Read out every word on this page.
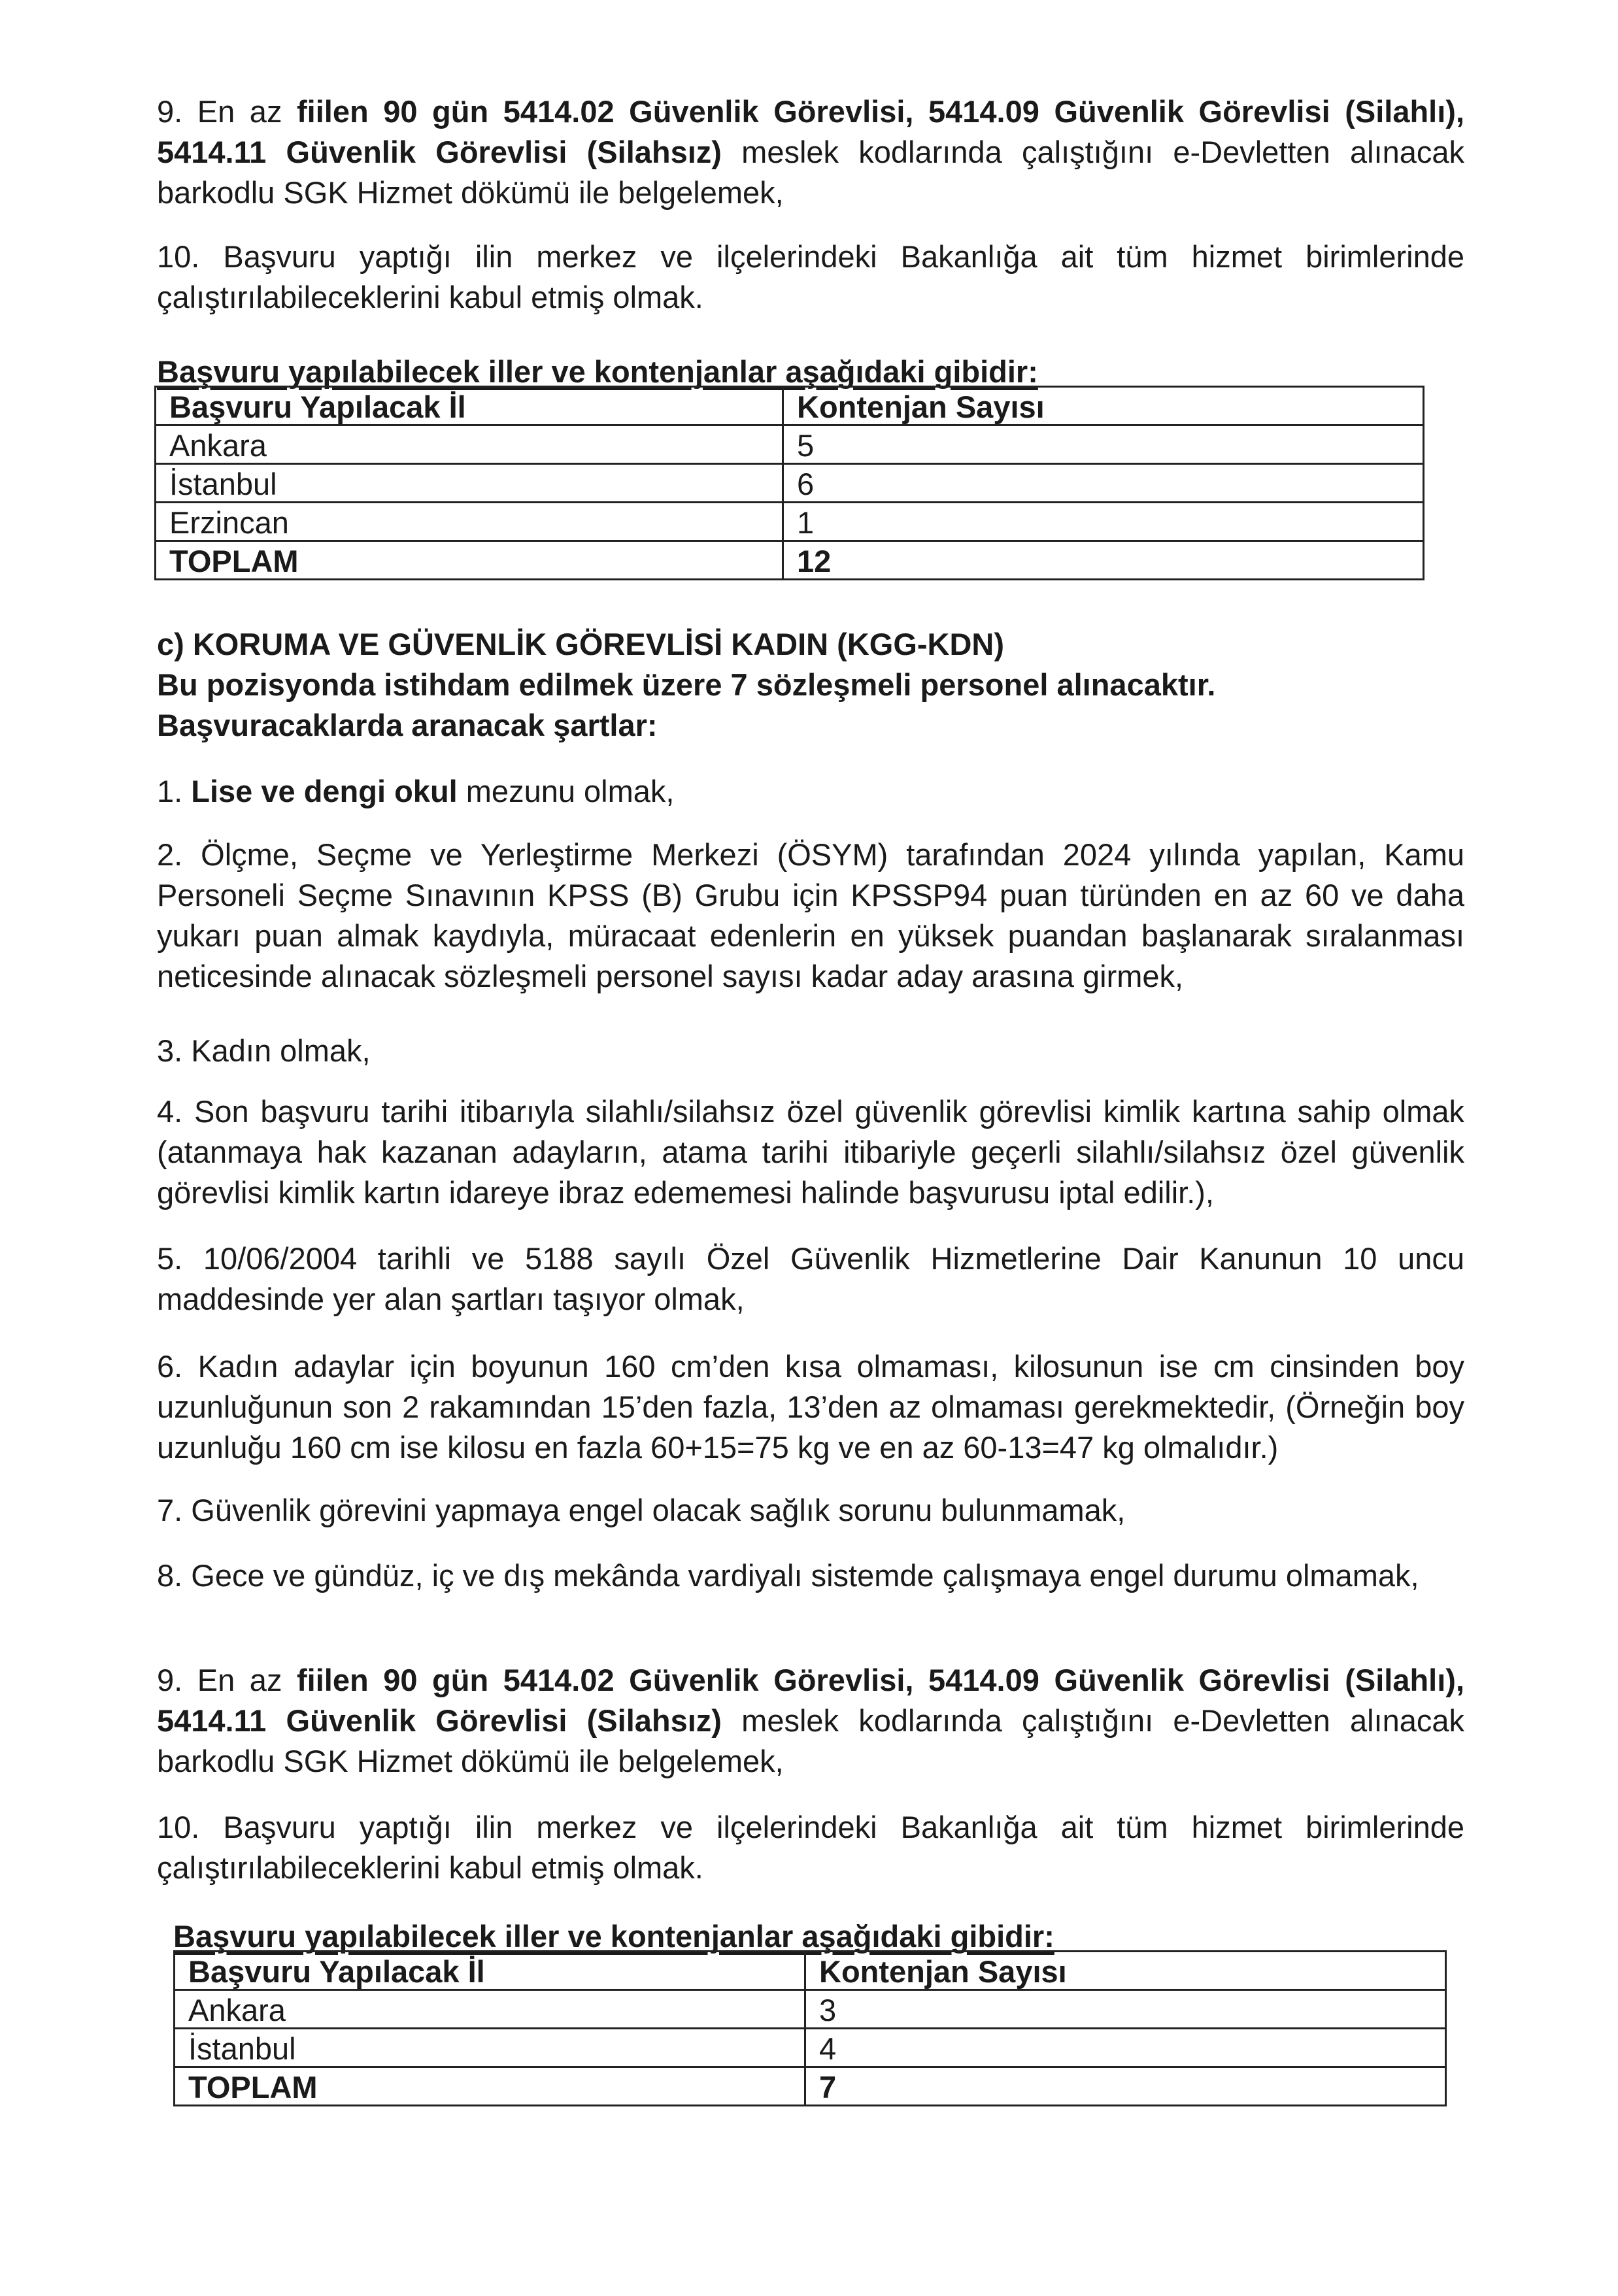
9. En az fiilen 90 gün 5414.02 Güvenlik Görevlisi, 5414.09 Güvenlik Görevlisi (Silahlı), 5414.11 Güvenlik Görevlisi (Silahsız) meslek kodlarında çalıştığını e-Devletten alınacak barkodlu SGK Hizmet dökümü ile belgelemek,

10. Başvuru yaptığı ilin merkez ve ilçelerindeki Bakanlığa ait tüm hizmet birimlerinde çalıştırılabileceklerini kabul etmiş olmak.

Başvuru yapılabilecek iller ve kontenjanlar aşağıdaki gibidir:
Başvuru Yapılacak İl	Kontenjan Sayısı
Ankara	5
İstanbul	6
Erzincan	1
TOPLAM	12

c) KORUMA VE GÜVENLİK GÖREVLİSİ KADIN (KGG-KDN)

Bu pozisyonda istihdam edilmek üzere 7 sözleşmeli personel alınacaktır.

Başvuracaklarda aranacak şartlar:

1. Lise ve dengi okul mezunu olmak,

2. Ölçme, Seçme ve Yerleştirme Merkezi (ÖSYM) tarafından 2024 yılında yapılan, Kamu Personeli Seçme Sınavının KPSS (B) Grubu için KPSSP94 puan türünden en az 60 ve daha yukarı puan almak kaydıyla, müracaat edenlerin en yüksek puandan başlanarak sıralanması neticesinde alınacak sözleşmeli personel sayısı kadar aday arasına girmek,

3. Kadın olmak,

4. Son başvuru tarihi itibarıyla silahlı/silahsız özel güvenlik görevlisi kimlik kartına sahip olmak (atanmaya hak kazanan adayların, atama tarihi itibariyle geçerli silahlı/silahsız özel güvenlik görevlisi kimlik kartın idareye ibraz edememesi halinde başvurusu iptal edilir.),

5. 10/06/2004 tarihli ve 5188 sayılı Özel Güvenlik Hizmetlerine Dair Kanunun 10 uncu maddesinde yer alan şartları taşıyor olmak,

6. Kadın adaylar için boyunun 160 cm’den kısa olmaması, kilosunun ise cm cinsinden boy uzunluğunun son 2 rakamından 15’den fazla, 13’den az olmaması gerekmektedir, (Örneğin boy uzunluğu 160 cm ise kilosu en fazla 60+15=75 kg ve en az 60-13=47 kg olmalıdır.)

7. Güvenlik görevini yapmaya engel olacak sağlık sorunu bulunmamak,

8. Gece ve gündüz, iç ve dış mekânda vardiyalı sistemde çalışmaya engel durumu olmamak,

9. En az fiilen 90 gün 5414.02 Güvenlik Görevlisi, 5414.09 Güvenlik Görevlisi (Silahlı), 5414.11 Güvenlik Görevlisi (Silahsız) meslek kodlarında çalıştığını e-Devletten alınacak barkodlu SGK Hizmet dökümü ile belgelemek,

10. Başvuru yaptığı ilin merkez ve ilçelerindeki Bakanlığa ait tüm hizmet birimlerinde çalıştırılabileceklerini kabul etmiş olmak.

Başvuru yapılabilecek iller ve kontenjanlar aşağıdaki gibidir:
Başvuru Yapılacak İl	Kontenjan Sayısı
Ankara	3
İstanbul	4
TOPLAM	7
